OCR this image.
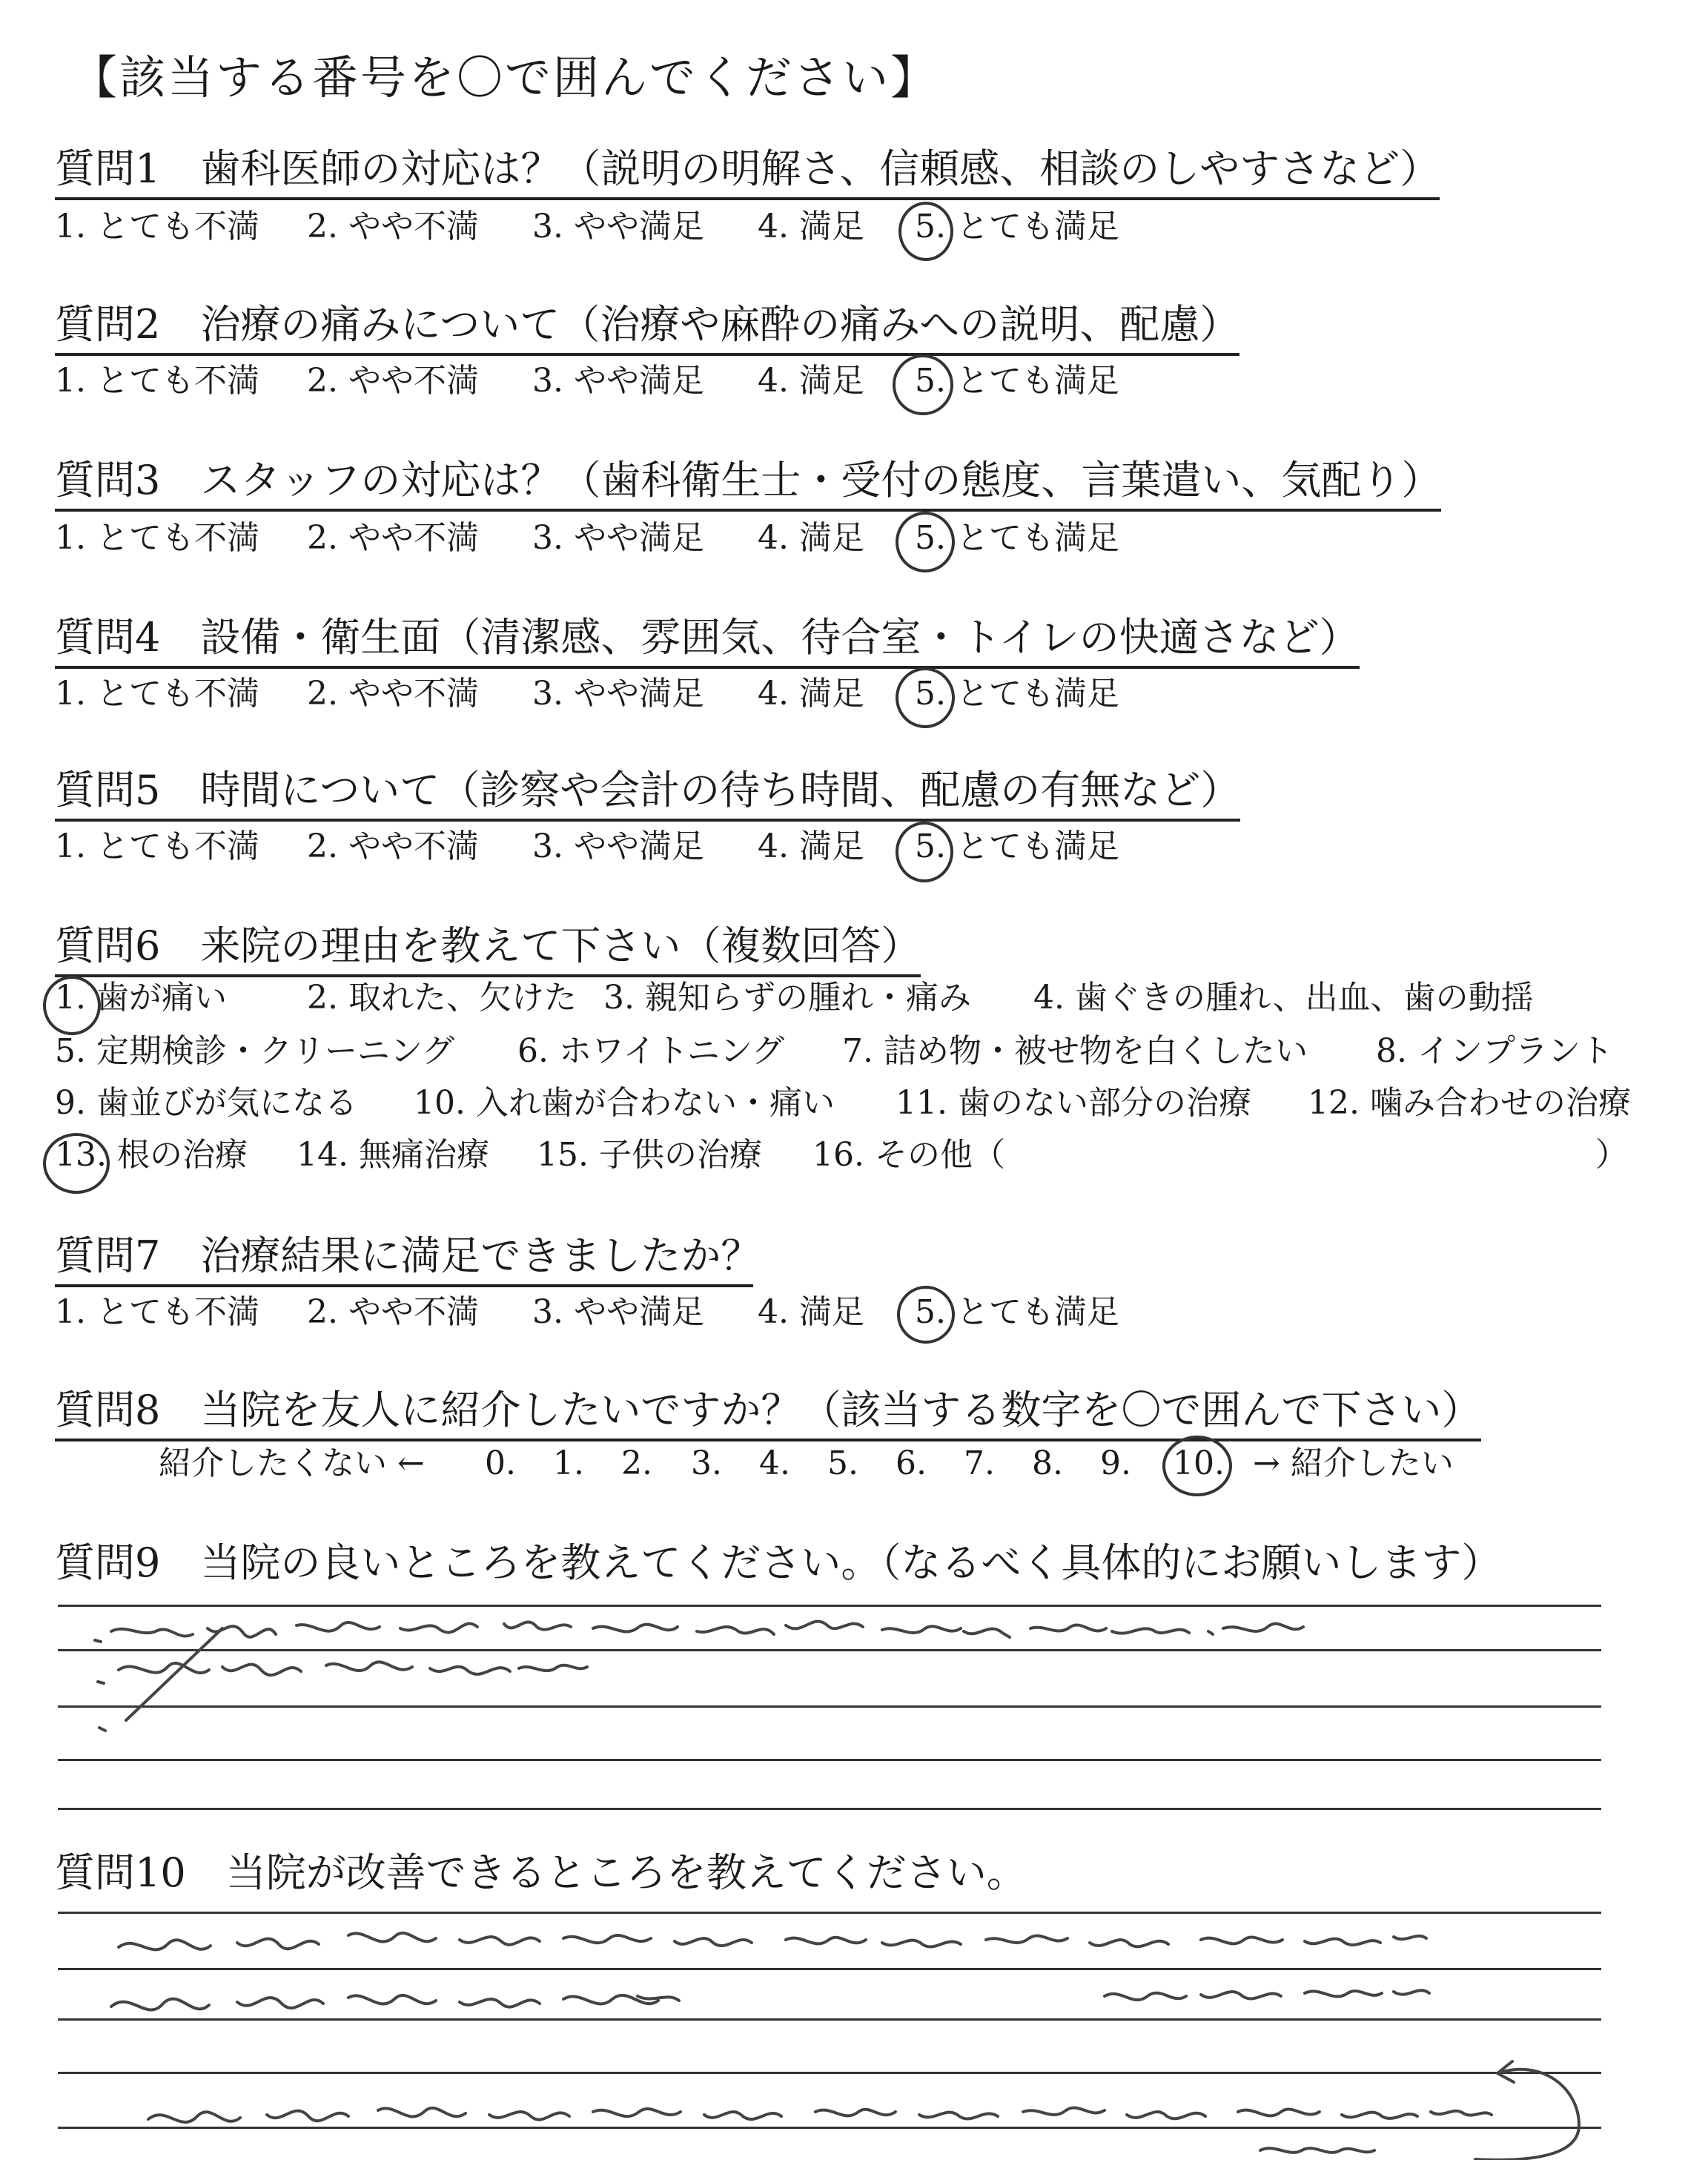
【該当する番号を〇で囲んでください】
質問1　歯科医師の対応は？（説明の明解さ、信頼感、相談のしやすさなど）
1. とても不満 2. やや不満 3. やや満足 4. 満足 5. とても満足
質問2　治療の痛みについて（治療や麻酔の痛みへの説明、配慮）
1. とても不満 2. やや不満 3. やや満足 4. 満足 5. とても満足
質問3　スタッフの対応は？（歯科衛生士・受付の態度、言葉遣い、気配り）
1. とても不満 2. やや不満 3. やや満足 4. 満足 5. とても満足
質問4　設備・衛生面（清潔感、雰囲気、待合室・トイレの快適さなど）
1. とても不満 2. やや不満 3. やや満足 4. 満足 5. とても満足
質問5　時間について（診察や会計の待ち時間、配慮の有無など）
1. とても不満 2. やや不満 3. やや満足 4. 満足 5. とても満足
質問6　来院の理由を教えて下さい（複数回答）
1. 歯が痛い 2. 取れた、欠けた 3. 親知らずの腫れ・痛み 4. 歯ぐきの腫れ、出血、歯の動揺
5. 定期検診・クリーニング 6. ホワイトニング 7. 詰め物・被せ物を白くしたい 8. インプラント
9. 歯並びが気になる 10. 入れ歯が合わない・痛い 11. 歯のない部分の治療 12. 噛み合わせの治療
13. 根の治療 14. 無痛治療 15. 子供の治療 16. その他（	）
質問7　治療結果に満足できましたか？
1. とても不満 2. やや不満 3. やや満足 4. 満足 5. とても満足
質問8　当院を友人に紹介したいですか？（該当する数字を〇で囲んで下さい）
紹介したくない ← 0. 1. 2. 3. 4. 5. 6. 7. 8. 9. 10. → 紹介したい
質問9　当院の良いところを教えてください。（なるべく具体的にお願いします）
質問10　当院が改善できるところを教えてください。
